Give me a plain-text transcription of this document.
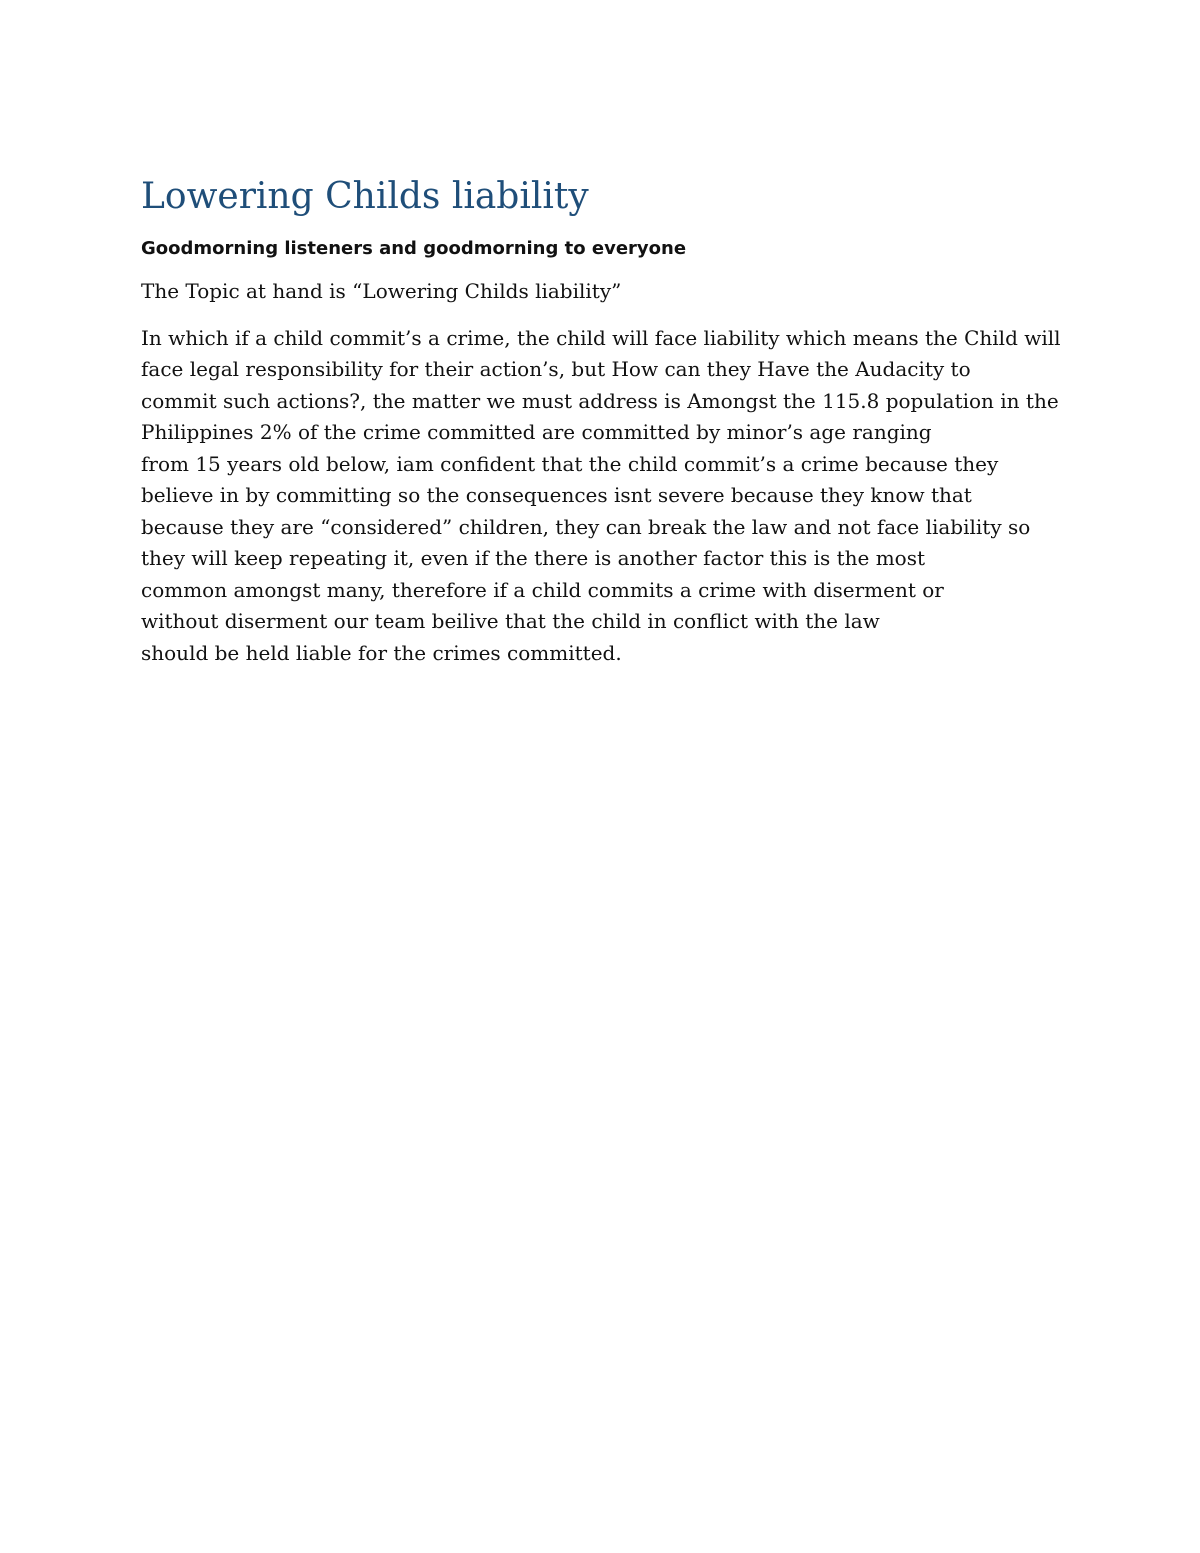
Lowering Childs liability

Goodmorning listeners and goodmorning to everyone

The Topic at hand is “Lowering Childs liability”

In which if a child commit’s a crime, the child will face liability which means the Child will
face legal responsibility for their action’s, but How can they Have the Audacity to
commit such actions?, the matter we must address is Amongst the 115.8 population in the
Philippines 2% of the crime committed are committed by minor’s age ranging
from 15 years old below, iam confident that the child commit’s a crime because they
believe in by committing so the consequences isnt severe because they know that
because they are “considered” children, they can break the law and not face liability so
they will keep repeating it, even if the there is another factor this is the most
common amongst many, therefore if a child commits a crime with diserment or
without diserment our team beilive that the child in conflict with the law
should be held liable for the crimes committed.
